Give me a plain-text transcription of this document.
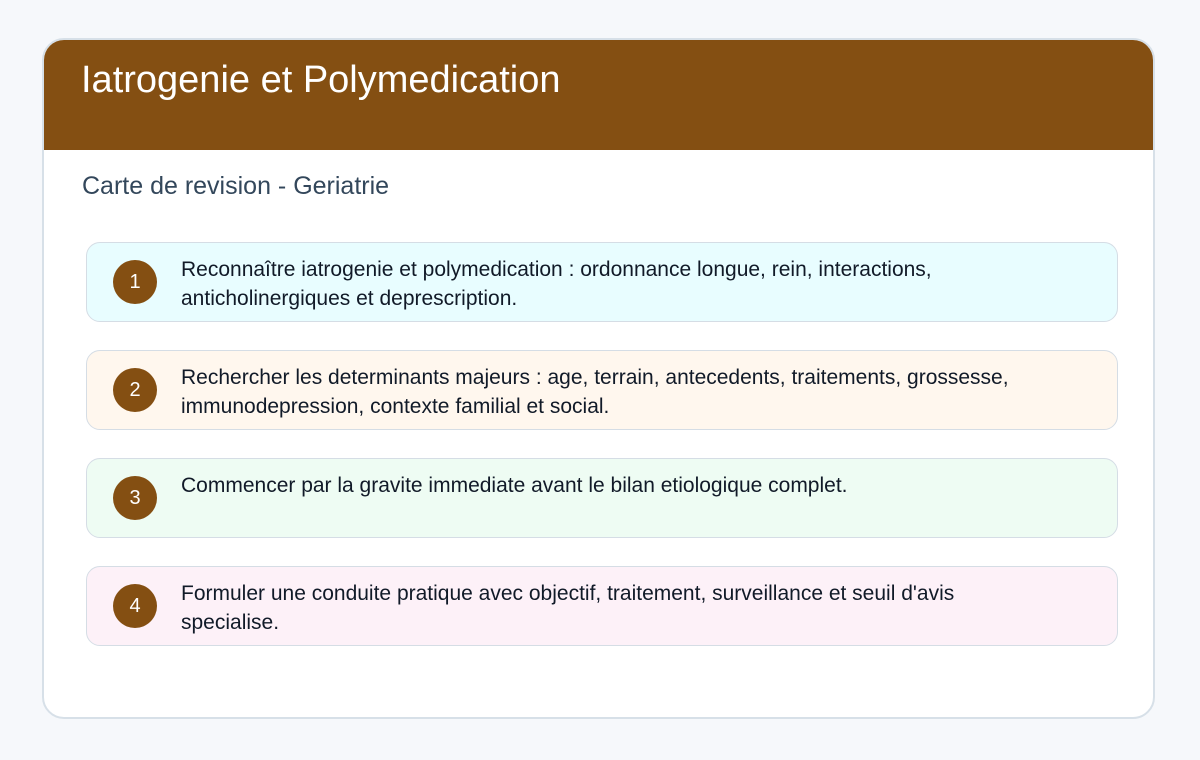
Iatrogenie et Polymedication
Carte de revision - Geriatrie
1
Reconnaître iatrogenie et polymedication : ordonnance longue, rein, interactions, anticholinergiques et deprescription.
2
Rechercher les determinants majeurs : age, terrain, antecedents, traitements, grossesse, immunodepression, contexte familial et social.
3
Commencer par la gravite immediate avant le bilan etiologique complet.
4
Formuler une conduite pratique avec objectif, traitement, surveillance et seuil d'avis specialise.
